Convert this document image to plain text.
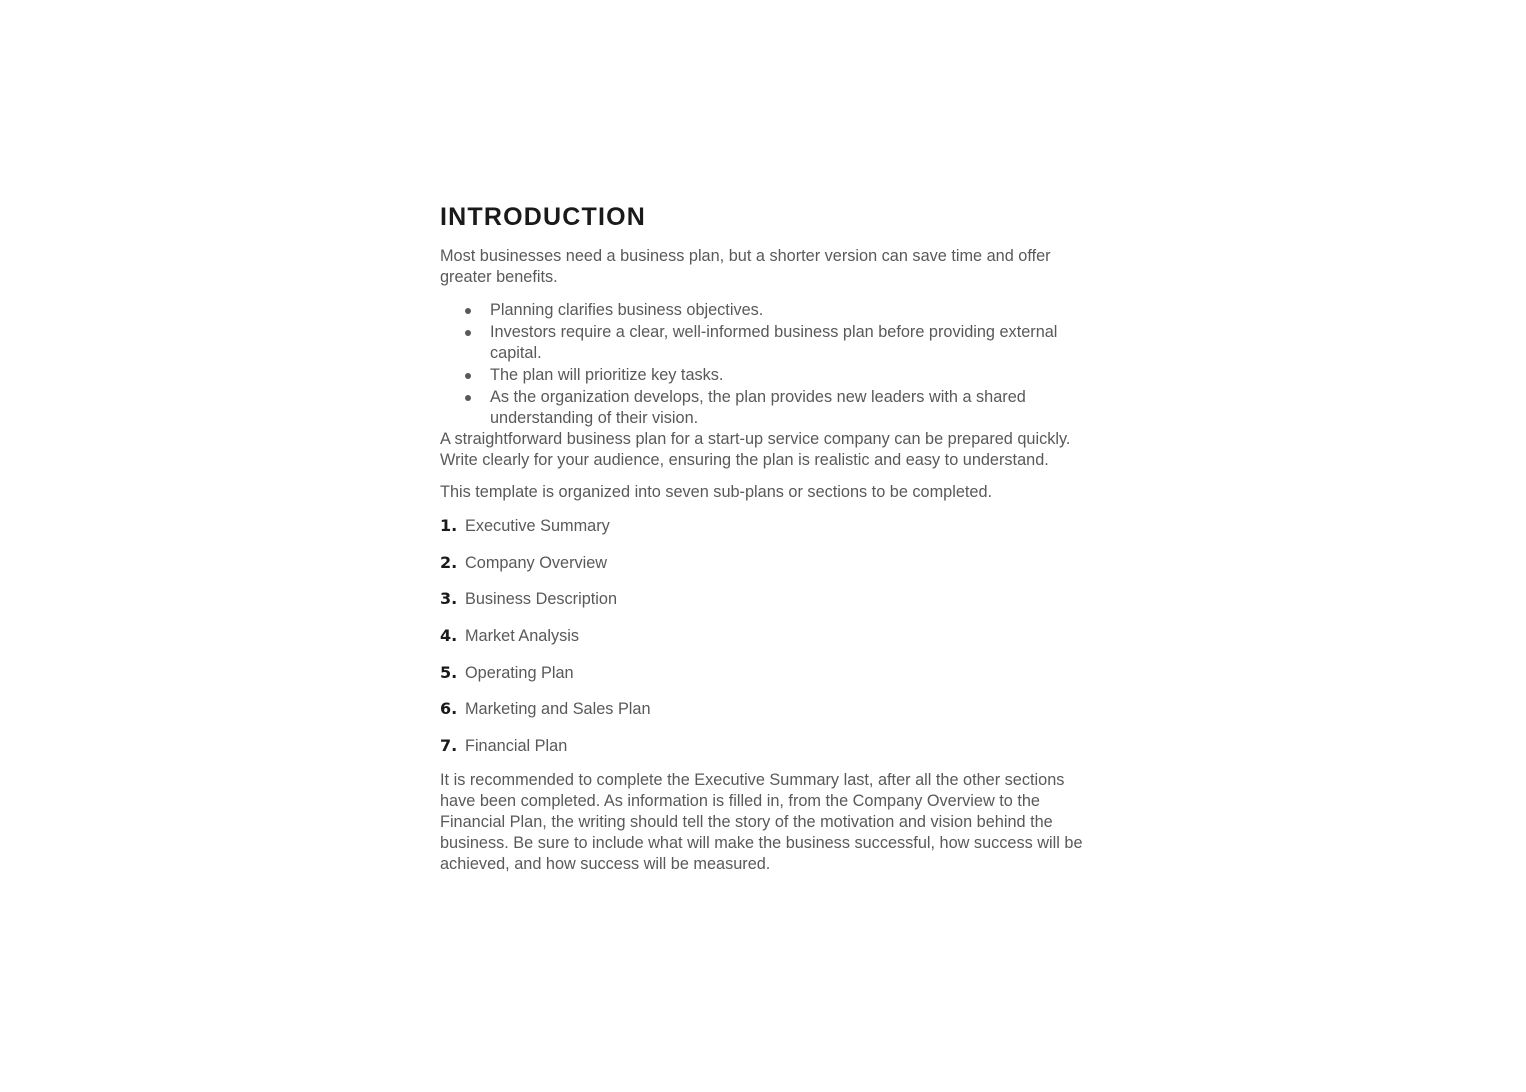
INTRODUCTION

Most businesses need a business plan, but a shorter version can save time and offer greater benefits.

Planning clarifies business objectives.
Investors require a clear, well-informed business plan before providing external capital.
The plan will prioritize key tasks.
As the organization develops, the plan provides new leaders with a shared understanding of their vision.

A straightforward business plan for a start-up service company can be prepared quickly. Write clearly for your audience, ensuring the plan is realistic and easy to understand.

This template is organized into seven sub-plans or sections to be completed.

1. Executive Summary
2. Company Overview
3. Business Description
4. Market Analysis
5. Operating Plan
6. Marketing and Sales Plan
7. Financial Plan

It is recommended to complete the Executive Summary last, after all the other sections have been completed. As information is filled in, from the Company Overview to the Financial Plan, the writing should tell the story of the motivation and vision behind the business. Be sure to include what will make the business successful, how success will be achieved, and how success will be measured.
